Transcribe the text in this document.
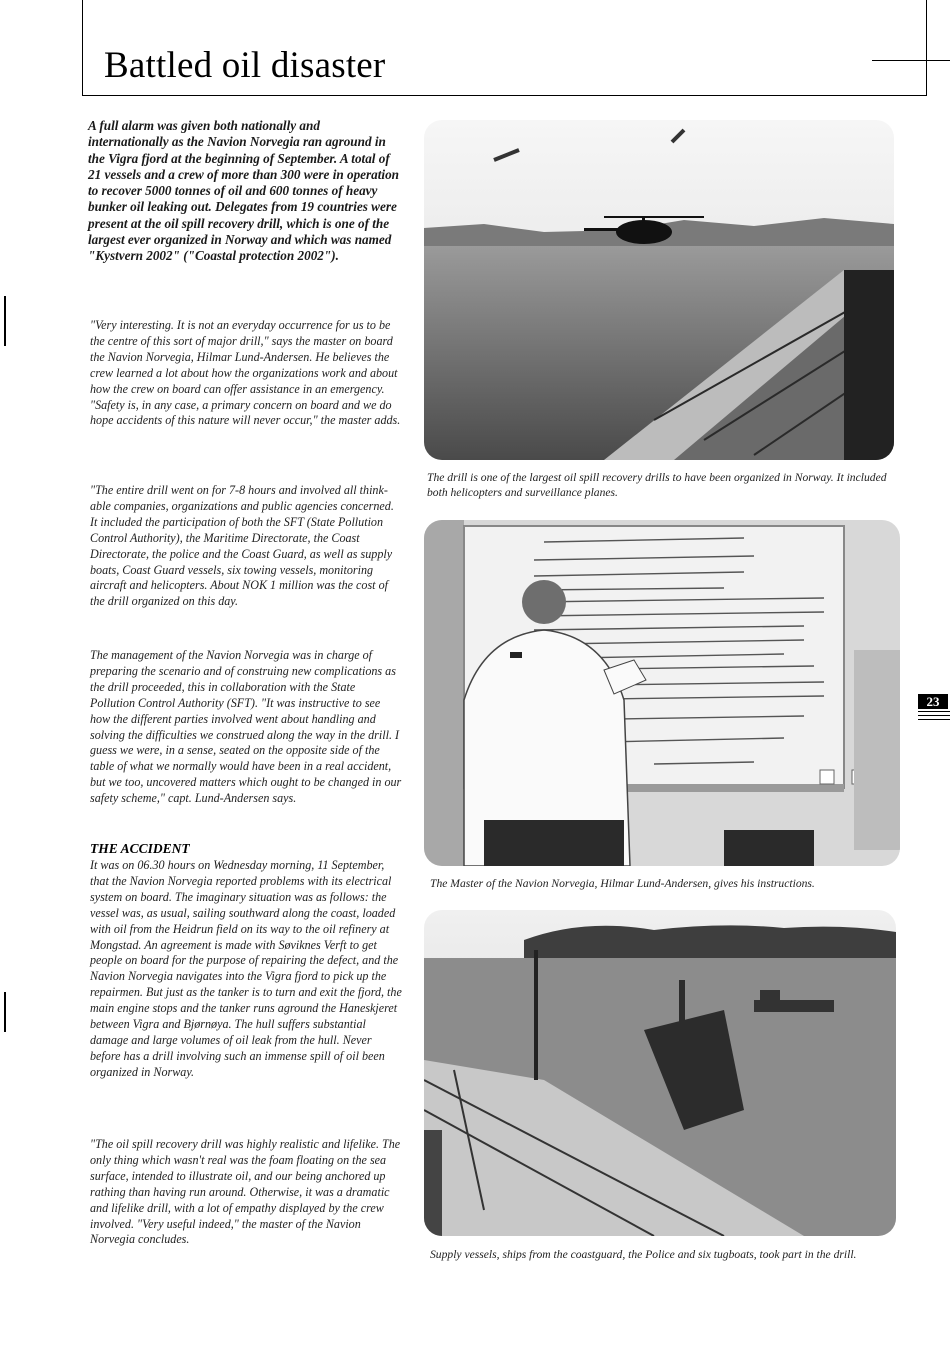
Battled oil disaster

A full alarm was given both nationally and internationally as the Navion Norvegia ran aground in the Vigra fjord at the beginning of September. A total of 21 vessels and a crew of more than 300 were in operation to recover 5000 tonnes of oil and 600 tonnes of heavy bunker oil leaking out. Delegates from 19 countries were present at the oil spill recovery drill, which is one of the largest ever organized in Norway and which was named "Kystvern 2002" ("Coastal protection 2002").

"Very interesting. It is not an everyday occurrence for us to be the centre of this sort of major drill," says the master on board the Navion Norvegia, Hilmar Lund-Andersen. He believes the crew learned a lot about how the organizations work and about how the crew on board can offer assistance in an emergency. "Safety is, in any case, a primary concern on board and we do hope accidents of this nature will never occur," the master adds.

"The entire drill went on for 7-8 hours and involved all think-able companies, organizations and public agencies concerned. It included the participation of both the SFT (State Pollution Control Authority), the Maritime Directorate, the Coast Directorate, the police and the Coast Guard, as well as supply boats, Coast Guard vessels, six towing vessels, monitoring aircraft and helicopters. About NOK 1 million was the cost of the drill organized on this day.

The management of the Navion Norvegia was in charge of preparing the scenario and of construing new complications as the drill proceeded, this in collaboration with the State Pollution Control Authority (SFT). "It was instructive to see how the different parties involved went about handling and solving the difficulties we construed along the way in the drill. I guess we were, in a sense, seated on the opposite side of the table of what we normally would have been in a real accident, but we too, uncovered matters which ought to be changed in our safety scheme," capt. Lund-Andersen says.

THE ACCIDENT

It was on 06.30 hours on Wednesday morning, 11 September, that the Navion Norvegia reported problems with its electrical system on board. The imaginary situation was as follows: the vessel was, as usual, sailing southward along the coast, loaded with oil from the Heidrun field on its way to the oil refinery at Mongstad. An agreement is made with Søviknes Verft to get people on board for the purpose of repairing the defect, and the Navion Norvegia navigates into the Vigra fjord to pick up the repairmen. But just as the tanker is to turn and exit the fjord, the main engine stops and the tanker runs aground the Haneskjeret between Vigra and Bjørnøya. The hull suffers substantial damage and large volumes of oil leak from the hull. Never before has a drill involving such an immense spill of oil been organized in Norway.

"The oil spill recovery drill was highly realistic and lifelike. The only thing which wasn't real was the foam floating on the sea surface, intended to illustrate oil, and our being anchored up rathing than having run around. Otherwise, it was a dramatic and lifelike drill, with a lot of empathy displayed by the crew involved. "Very useful indeed," the master of the Navion Norvegia concludes.

The drill is one of the largest oil spill recovery drills to have been organized in Norway. It included both helicopters and surveillance planes.

The Master of the Navion Norvegia, Hilmar Lund-Andersen, gives his instructions.

Supply vessels, ships from the coastguard, the Police and six tugboats, took part in the drill.

23
